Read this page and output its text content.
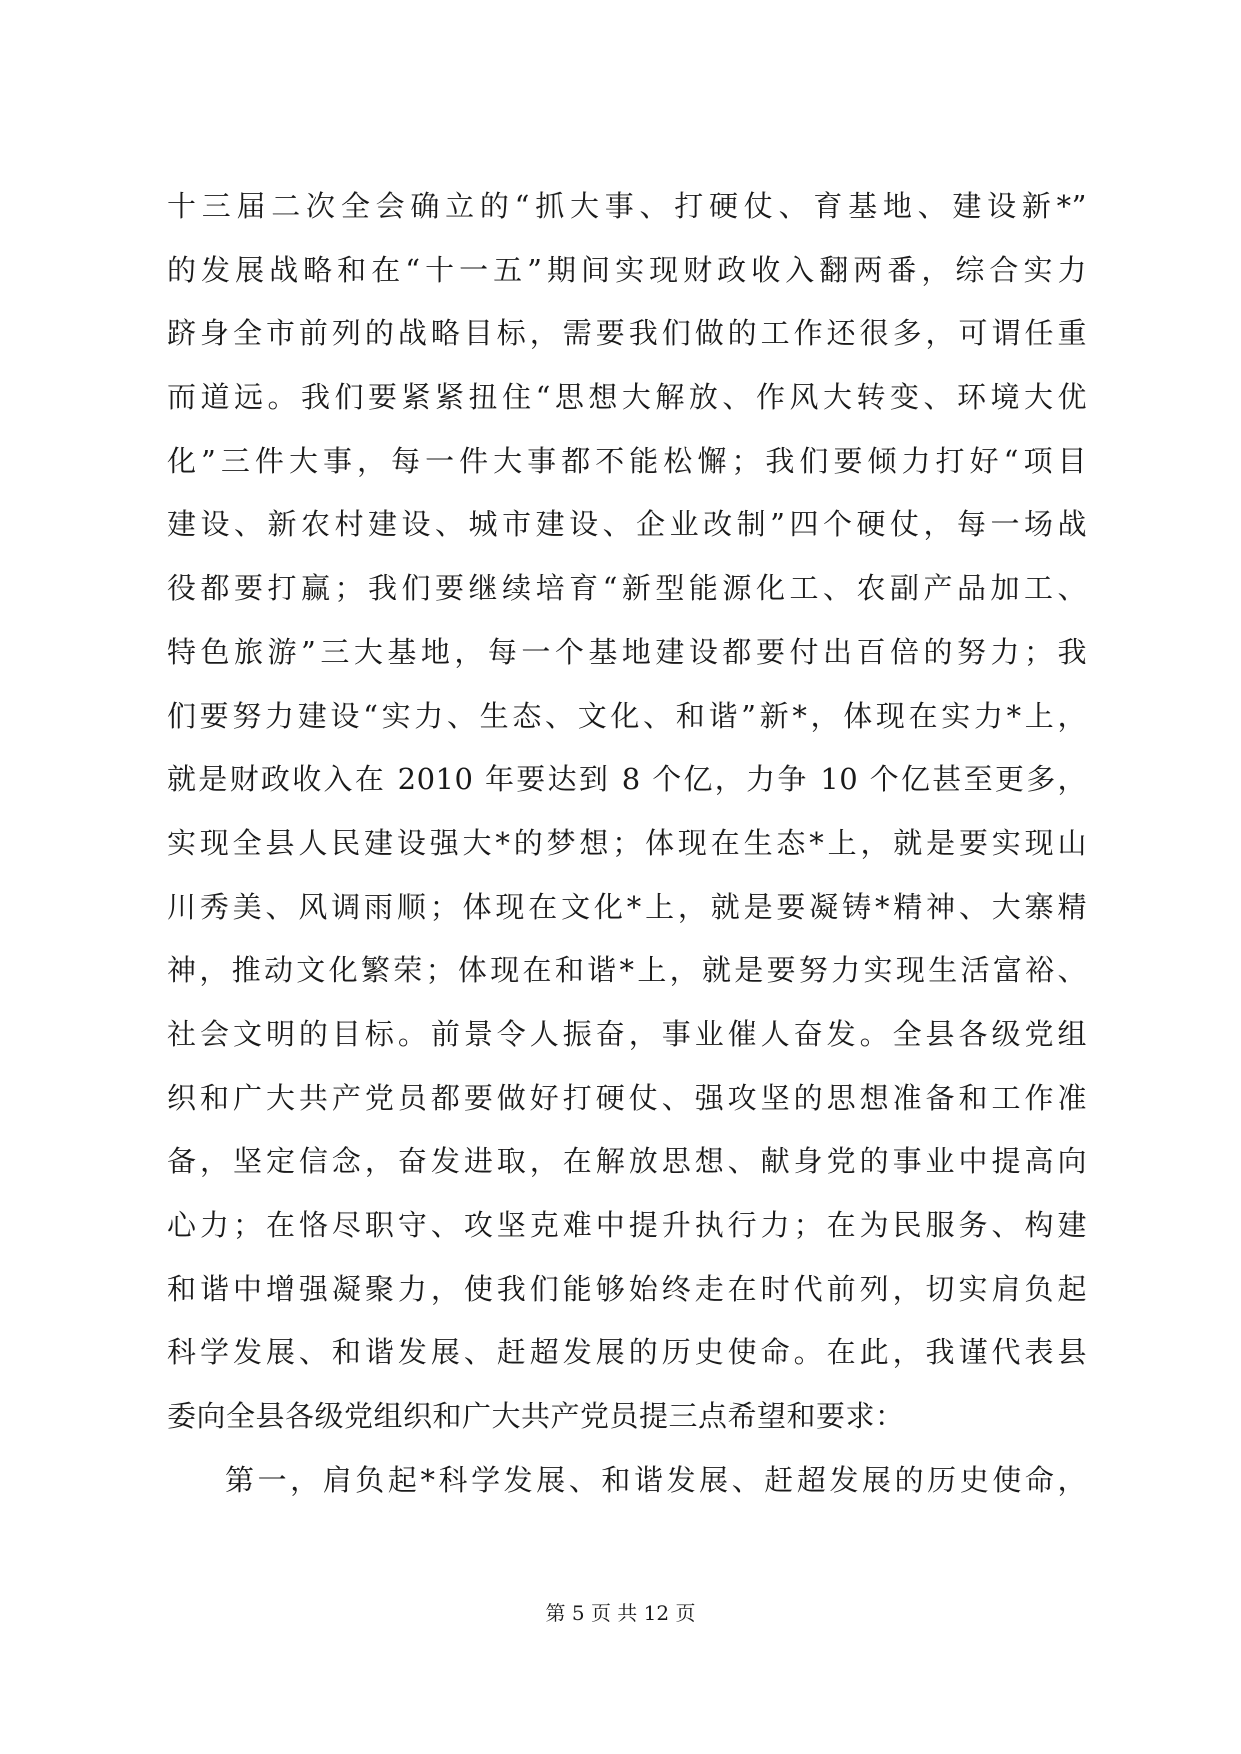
十三届二次全会确立的“抓大事、打硬仗、育基地、建设新*”
的发展战略和在“十一五”期间实现财政收入翻两番，综合实力
跻身全市前列的战略目标，需要我们做的工作还很多，可谓任重
而道远。我们要紧紧扭住“思想大解放、作风大转变、环境大优
化”三件大事，每一件大事都不能松懈；我们要倾力打好“项目
建设、新农村建设、城市建设、企业改制”四个硬仗，每一场战
役都要打赢；我们要继续培育“新型能源化工、农副产品加工、
特色旅游”三大基地，每一个基地建设都要付出百倍的努力；我
们要努力建设“实力、生态、文化、和谐”新*，体现在实力*上，
就是财政收入在 2010 年要达到 8 个亿，力争 10 个亿甚至更多，
实现全县人民建设强大*的梦想；体现在生态*上，就是要实现山
川秀美、风调雨顺；体现在文化*上，就是要凝铸*精神、大寨精
神，推动文化繁荣；体现在和谐*上，就是要努力实现生活富裕、
社会文明的目标。前景令人振奋，事业催人奋发。全县各级党组
织和广大共产党员都要做好打硬仗、强攻坚的思想准备和工作准
备，坚定信念，奋发进取，在解放思想、献身党的事业中提高向
心力；在恪尽职守、攻坚克难中提升执行力；在为民服务、构建
和谐中增强凝聚力，使我们能够始终走在时代前列，切实肩负起
科学发展、和谐发展、赶超发展的历史使命。在此，我谨代表县
委向全县各级党组织和广大共产党员提三点希望和要求：
第一，肩负起*科学发展、和谐发展、赶超发展的历史使命，
第 5 页 共 12 页
